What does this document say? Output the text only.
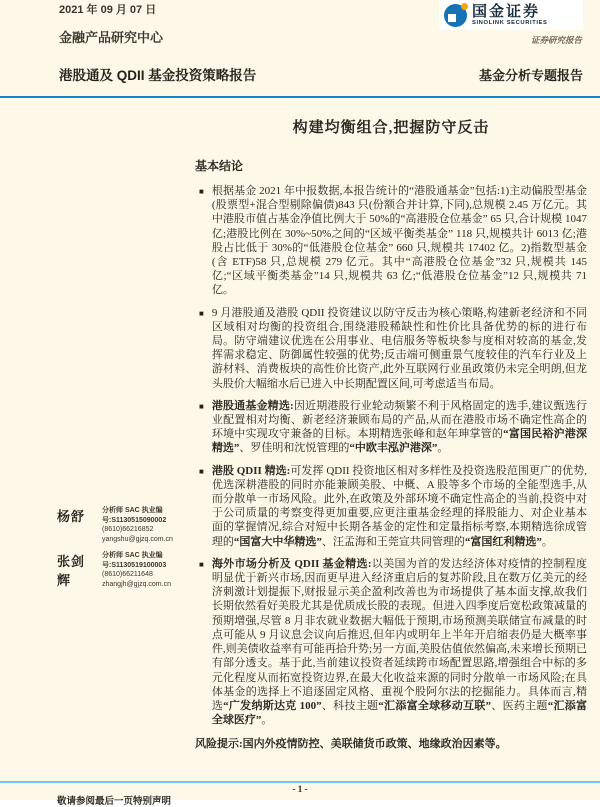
2021 年 09 月 07 日
金融产品研究中心
国金证券
SINOLINK SECURITIES
证券研究报告
港股通及 QDII 基金投资策略报告	基金分析专题报告
构建均衡组合,把握防守反击
杨舒	分析师 SAC 执业编号:S1130515090002
(8610)66216852
yangshu@gjzq.com.cn
张剑辉
分析师 SAC 执业编号:S1130519100003
(8610)66211648
zhangjh@gjzq.com.cn
基本结论
■ 根据基金 2021 年中报数据,本报告统计的“港股通基金”包括:1)主动偏股型基金(股票型+混合型剔除偏债)843 只(份额合并计算,下同),总规模 2.45 万亿元。其中港股市值占基金净值比例大于 50%的“高港股仓位基金” 65 只,合计规模 1047 亿;港股比例在 30%~50%之间的“区域平衡类基金” 118 只,规模共计 6013 亿;港股占比低于 30%的“低港股仓位基金” 660 只,规模共 17402 亿。2)指数型基金(含 ETF)58 只,总规模 279 亿元。其中“高港股仓位基金”32 只,规模共 145 亿;“区域平衡类基金”14 只,规模共 63 亿;“低港股仓位基金”12 只,规模共 71 亿。
■ 9 月港股通及港股 QDII 投资建议以防守反击为核心策略,构建新老经济和不同区域相对均衡的投资组合,围绕港股稀缺性和性价比具备优势的标的进行布局。防守端建议优选在公用事业、电信服务等板块参与度相对较高的基金,发挥需求稳定、防御属性较强的优势;反击端可侧重景气度较佳的汽车行业及上游材料、消费板块的高性价比资产,此外互联网行业虽政策仍未完全明朗,但龙头股价大幅缩水后已进入中长期配置区间,可考虑适当布局。
■ 港股通基金精选:因近期港股行业轮动频繁不利于风格固定的选手,建议甄选行业配置相对均衡、新老经济兼顾布局的产品,从而在港股市场不确定性高企的环境中实现攻守兼备的目标。本期精选张峰和赵年珅掌管的“富国民裕沪港深精选”、罗佳明和沈悦管理的“中欧丰泓沪港深”。
■ 港股 QDII 精选:可发挥 QDII 投资地区相对多样性及投资选股范围更广的优势,优选深耕港股的同时亦能兼顾美股、中概、A 股等多个市场的全能型选手,从而分散单一市场风险。此外,在政策及外部环境不确定性高企的当前,投资中对于公司质量的考察变得更加重要,应更注重基金经理的择股能力、对企业基本面的掌握情况,综合对短中长期各基金的定性和定量指标考察,本期精选徐成管理的“国富大中华精选”、汪孟海和王莞宣共同管理的“富国红利精选”。
■ 海外市场分析及 QDII 基金精选:以美国为首的发达经济体对疫情的控制程度明显优于新兴市场,因而更早进入经济重启后的复苏阶段,且在数万亿美元的经济刺激计划提振下,财报显示美企盈利改善也为市场提供了基本面支撑,故我们长期依然看好美股尤其是优质成长股的表现。但进入四季度后宽松政策减量的预期增强,尽管 8 月非农就业数据大幅低于预期,市场预测美联储宣布减量的时点可能从 9 月议息会议向后推迟,但年内或明年上半年开启缩表仍是大概率事件,则美债收益率有可能再拾升势;另一方面,美股估值依然偏高,未来增长预期已有部分透支。基于此,当前建议投资者延续跨市场配置思路,增强组合中标的多元化程度从而拓宽投资边界,在最大化收益来源的同时分散单一市场风险;在具体基金的选择上不追逐固定风格、重视个股阿尔法的挖掘能力。具体而言,精选“广发纳斯达克 100”、科技主题“汇添富全球移动互联”、医药主题“汇添富全球医疗”。
风险提示:国内外疫情防控、美联储货币政策、地缘政治因素等。
- 1 -
敬请参阅最后一页特别声明
